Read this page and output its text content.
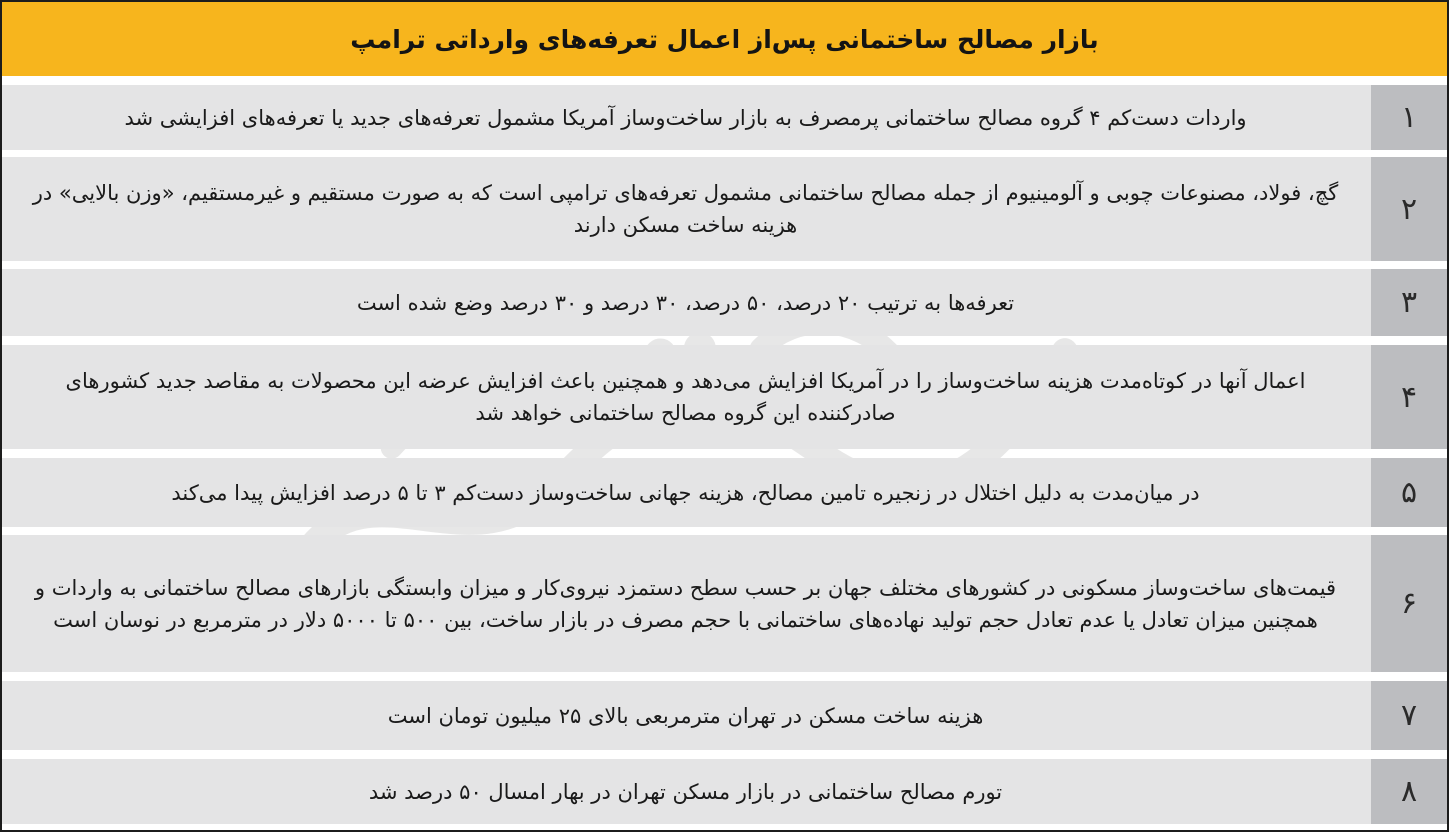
بازار مصالح ساختمانی پس‌از اعمال تعرفه‌های وارداتی ترامپ
۱
واردات دست‌کم ۴ گروه مصالح ساختمانی پرمصرف به بازار ساخت‌وساز آمریکا مشمول تعرفه‌های جدید یا تعرفه‌های افزایشی شد
۲
گچ، فولاد، مصنوعات چوبی و آلومینیوم از جمله مصالح ساختمانی مشمول تعرفه‌های ترامپی است که به صورت مستقیم و غیرمستقیم، «وزن بالایی» در هزینه ساخت مسکن دارند
۳
تعرفه‌ها به ترتیب ۲۰ درصد، ۵۰ درصد، ۳۰ درصد و ۳۰ درصد وضع شده است
۴
اعمال آنها در کوتاه‌مدت هزینه ساخت‌وساز را در آمریکا افزایش می‌دهد و همچنین باعث افزایش عرضه این محصولات به مقاصد جدید کشورهای صادرکننده این گروه مصالح ساختمانی خواهد شد
۵
در میان‌مدت به دلیل اختلال در زنجیره تامین مصالح، هزینه جهانی ساخت‌وساز دست‌کم ۳ تا ۵ درصد افزایش پیدا می‌کند
۶
قیمت‌های ساخت‌وساز مسکونی در کشورهای مختلف جهان بر حسب سطح دستمزد نیروی‌کار و میزان وابستگی بازارهای مصالح ساختمانی به واردات و همچنین میزان تعادل یا عدم تعادل حجم تولید نهاده‌های ساختمانی با حجم مصرف در بازار ساخت، بین ۵۰۰ تا ۵۰۰۰ دلار در مترمربع در نوسان است
۷
هزینه ساخت مسکن در تهران مترمربعی بالای ۲۵ میلیون تومان است
۸
تورم مصالح ساختمانی در بازار مسکن تهران در بهار امسال ۵۰ درصد شد
